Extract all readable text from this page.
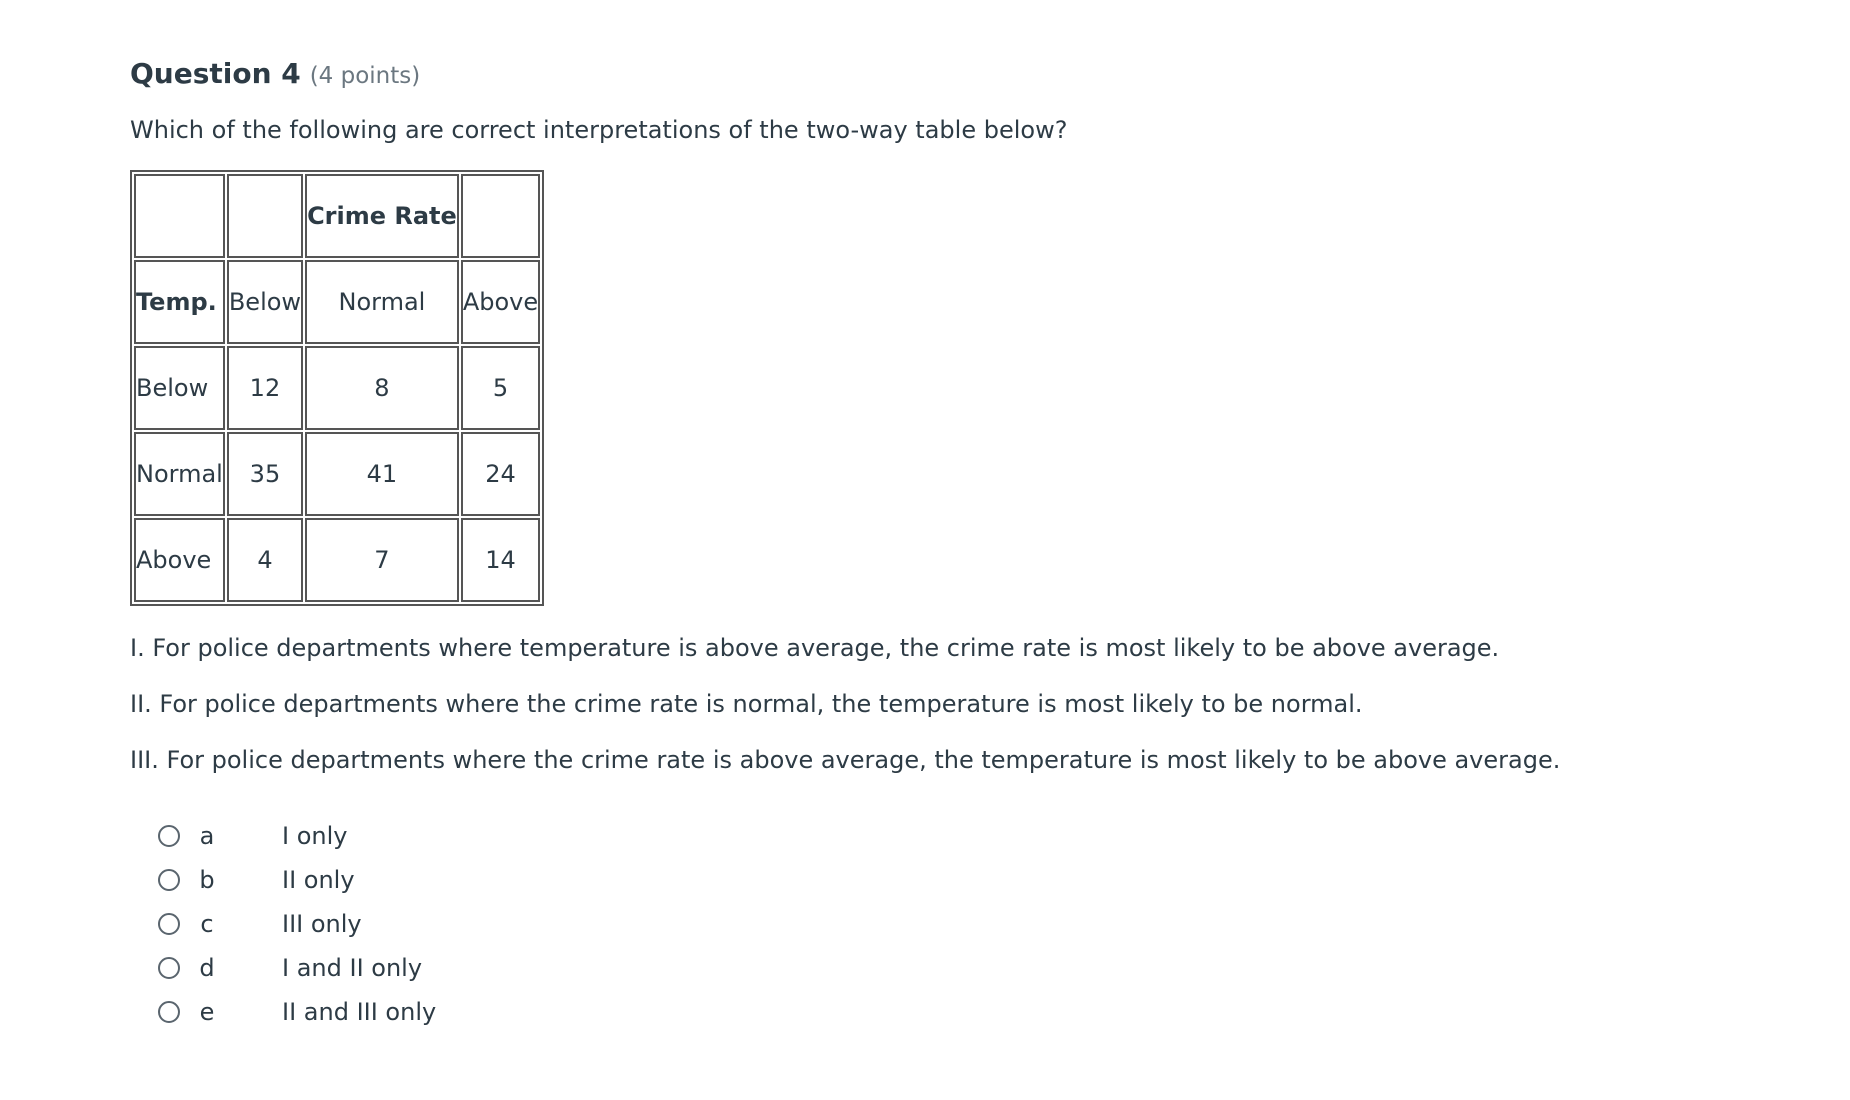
Question 4 (4 points)
Which of the following are correct interpretations of the two-way table below?
		Crime Rate	
Temp.	Below	Normal	Above
Below	12	8	5
Normal	35	41	24
Above	4	7	14
I. For police departments where temperature is above average, the crime rate is most likely to be above average.
II. For police departments where the crime rate is normal, the temperature is most likely to be normal.
III. For police departments where the crime rate is above average, the temperature is most likely to be above average.
a	I only
b	II only
c	III only
d	I and II only
e	II and III only
